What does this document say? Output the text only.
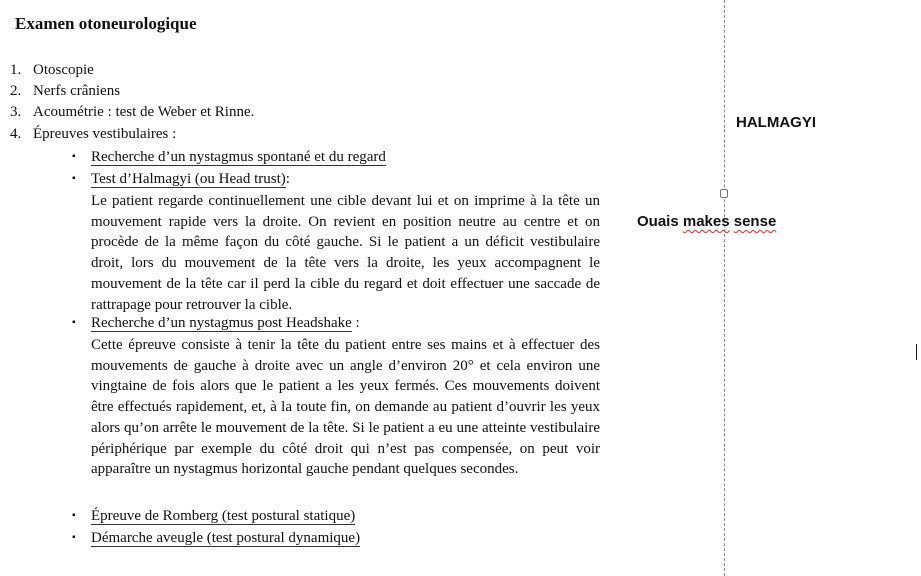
Examen otoneurologique
1. Otoscopie
2. Nerfs crâniens
3. Acoumétrie : test de Weber et Rinne.
4. Épreuves vestibulaires :
▪ Recherche d’un nystagmus spontané et du regard
▪ Test d’Halmagyi (ou Head trust):
Le patient regarde continuellement une cible devant lui et on imprime à la tête un mouvement rapide vers la droite. On revient en position neutre au centre et on procède de la même façon du côté gauche. Si le patient a un déficit vestibulaire droit, lors du mouvement de la tête vers la droite, les yeux accompagnent le mouvement de la tête car il perd la cible du regard et doit effectuer une saccade de rattrapage pour retrouver la cible.
▪ Recherche d’un nystagmus post Headshake :
Cette épreuve consiste à tenir la tête du patient entre ses mains et à effectuer des mouvements de gauche à droite avec un angle d’environ 20° et cela environ une vingtaine de fois alors que le patient a les yeux fermés. Ces mouvements doivent être effectués rapidement, et, à la toute fin, on demande au patient d’ouvrir les yeux alors qu’on arrête le mouvement de la tête. Si le patient a eu une atteinte vestibulaire périphérique par exemple du côté droit qui n’est pas compensée, on peut voir apparaître un nystagmus horizontal gauche pendant quelques secondes.
▪ Épreuve de Romberg (test postural statique)
▪ Démarche aveugle (test postural dynamique)
HALMAGYI
Ouais makes sense
